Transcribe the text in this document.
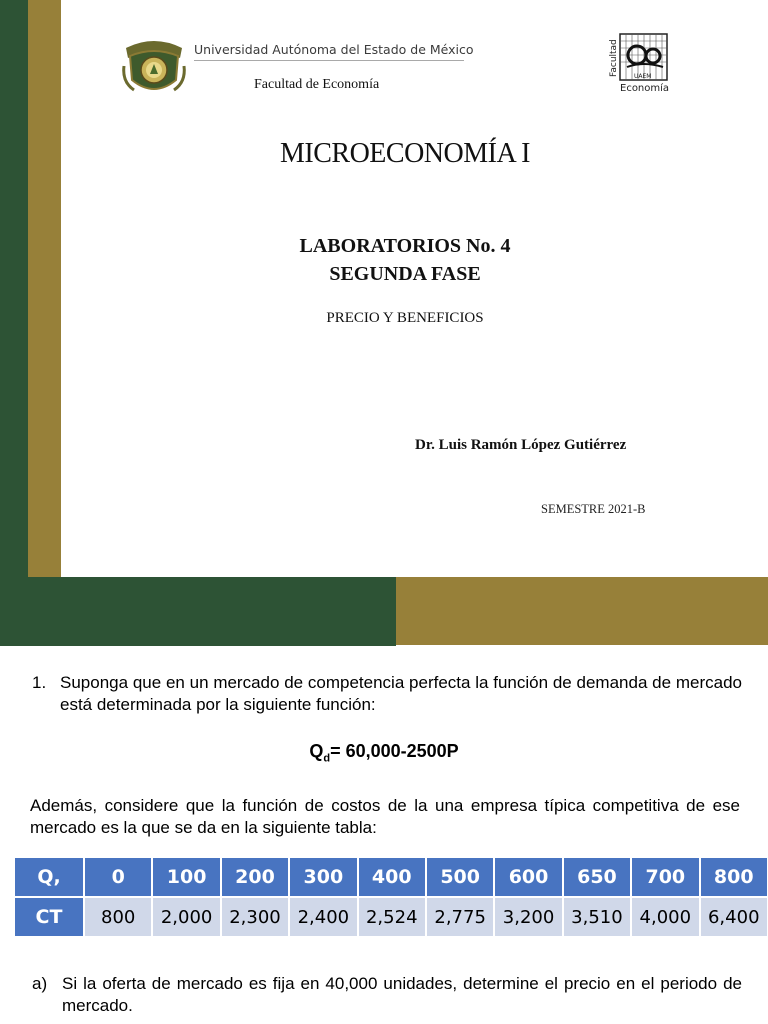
Universidad Autónoma del Estado de México
Facultad de Economía
Facultad	UAEM
Economía
MICROECONOMÍA I
LABORATORIOS No. 4
SEGUNDA FASE
PRECIO Y BENEFICIOS
Dr. Luis Ramón López Gutiérrez
SEMESTRE 2021-B
1. Suponga que en un mercado de competencia perfecta la función de demanda de mercado está determinada por la siguiente función:
$Q_d= 60,000-2500P$
Además, considere que la función de costos de la una empresa típica competitiva de ese mercado es la que se da en la siguiente tabla:
Q,	0	100	200	300	400	500	600	650	700	800
CT	800	2,000	2,300	2,400	2,524	2,775	3,200	3,510	4,000	6,400
a) Si la oferta de mercado es fija en 40,000 unidades, determine el precio en el periodo de mercado.
